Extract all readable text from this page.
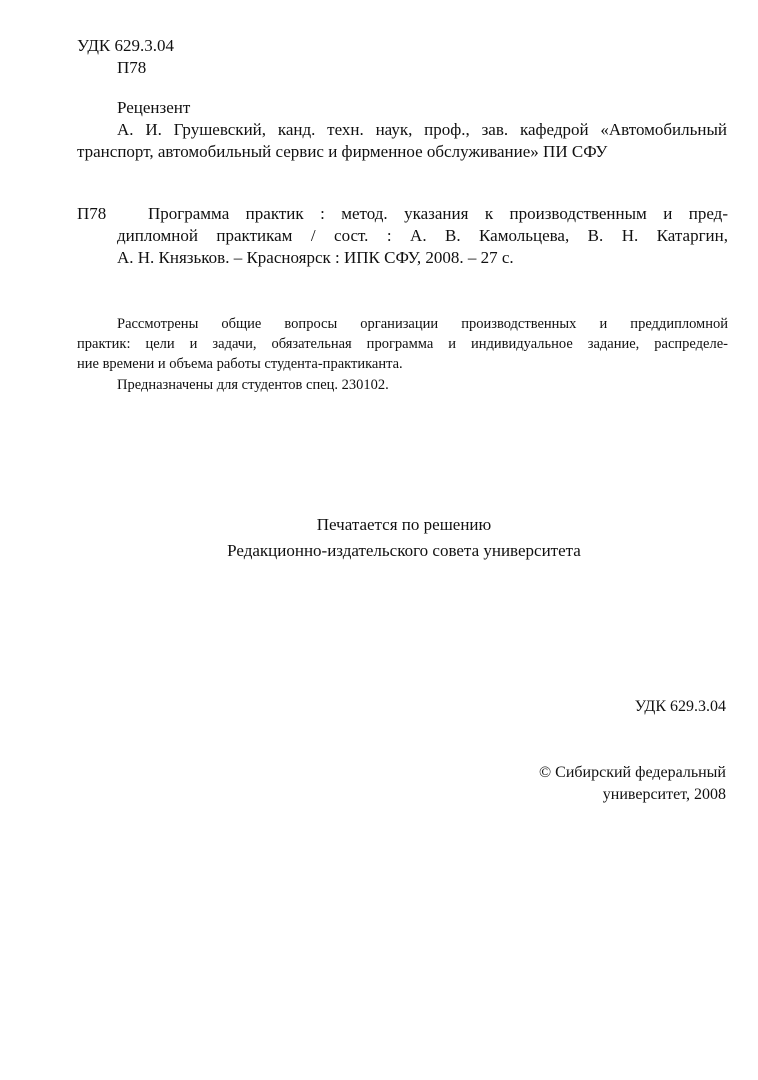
УДК 629.3.04
П78
Рецензент
А. И. Грушевский, канд. техн. наук, проф., зав. кафедрой «Автомобильный
транспорт, автомобильный сервис и фирменное обслуживание» ПИ СФУ
П78 Программа практик : метод. указания к производственным и пред-
дипломной практикам / сост. : А. В. Камольцева, В. Н. Катаргин,
А. Н. Князьков. – Красноярск : ИПК СФУ, 2008. – 27 с.
Рассмотрены общие вопросы организации производственных и преддипломной
практик: цели и задачи, обязательная программа и индивидуальное задание, распределе-
ние времени и объема работы студента-практиканта.
Предназначены для студентов спец. 230102.
Печатается по решению
Редакционно-издательского совета университета
УДК 629.3.04
© Сибирский федеральный
университет, 2008
